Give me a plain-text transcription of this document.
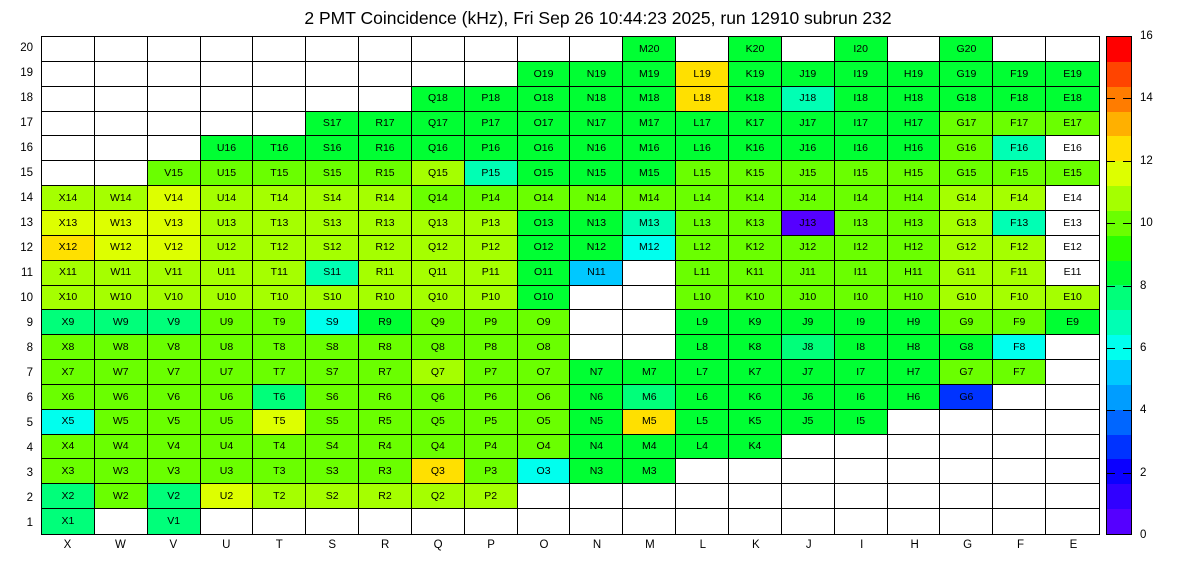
2 PMT Coincidence (kHz), Fri Sep 26 10:44:23 2025, run 12910 subrun 232
M20	K20	I20	G20
O19	N19	M19	L19	K19	J19	I19	H19	G19	F19	E19
Q18	P18	O18	N18	M18	L18	K18	J18	I18	H18	G18	F18	E18
S17	R17	Q17	P17	O17	N17	M17	L17	K17	J17	I17	H17	G17	F17	E17
U16	T16	S16	R16	Q16	P16	O16	N16	M16	L16	K16	J16	I16	H16	G16	F16	E16
V15	U15	T15	S15	R15	Q15	P15	O15	N15	M15	L15	K15	J15	I15	H15	G15	F15	E15
X14	W14	V14	U14	T14	S14	R14	Q14	P14	O14	N14	M14	L14	K14	J14	I14	H14	G14	F14	E14
X13	W13	V13	U13	T13	S13	R13	Q13	P13	O13	N13	M13	L13	K13	J13	I13	H13	G13	F13	E13
X12	W12	V12	U12	T12	S12	R12	Q12	P12	O12	N12	M12	L12	K12	J12	I12	H12	G12	F12	E12
X11	W11	V11	U11	T11	S11	R11	Q11	P11	O11	N11	L11	K11	J11	I11	H11	G11	F11	E11
X10	W10	V10	U10	T10	S10	R10	Q10	P10	O10	L10	K10	J10	I10	H10	G10	F10	E10
X9	W9	V9	U9	T9	S9	R9	Q9	P9	O9	L9	K9	J9	I9	H9	G9	F9	E9
X8	W8	V8	U8	T8	S8	R8	Q8	P8	O8	L8	K8	J8	I8	H8	G8	F8
X7	W7	V7	U7	T7	S7	R7	Q7	P7	O7	N7	M7	L7	K7	J7	I7	H7	G7	F7
X6	W6	V6	U6	T6	S6	R6	Q6	P6	O6	N6	M6	L6	K6	J6	I6	H6	G6
X5	W5	V5	U5	T5	S5	R5	Q5	P5	O5	N5	M5	L5	K5	J5	I5
X4	W4	V4	U4	T4	S4	R4	Q4	P4	O4	N4	M4	L4	K4
X3	W3	V3	U3	T3	S3	R3	Q3	P3	O3	N3	M3
X2	W2	V2	U2	T2	S2	R2	Q2	P2
X1	V1
20
19
18
17
16
15
14
13
12
11
10
9
8
7
6
5
4
3
2
1
X	W	V	U	T	S	R	Q	P	O	N	M	L	K	J	I	H	G	F	E
0
2
4
6
8
10
12
14
16
